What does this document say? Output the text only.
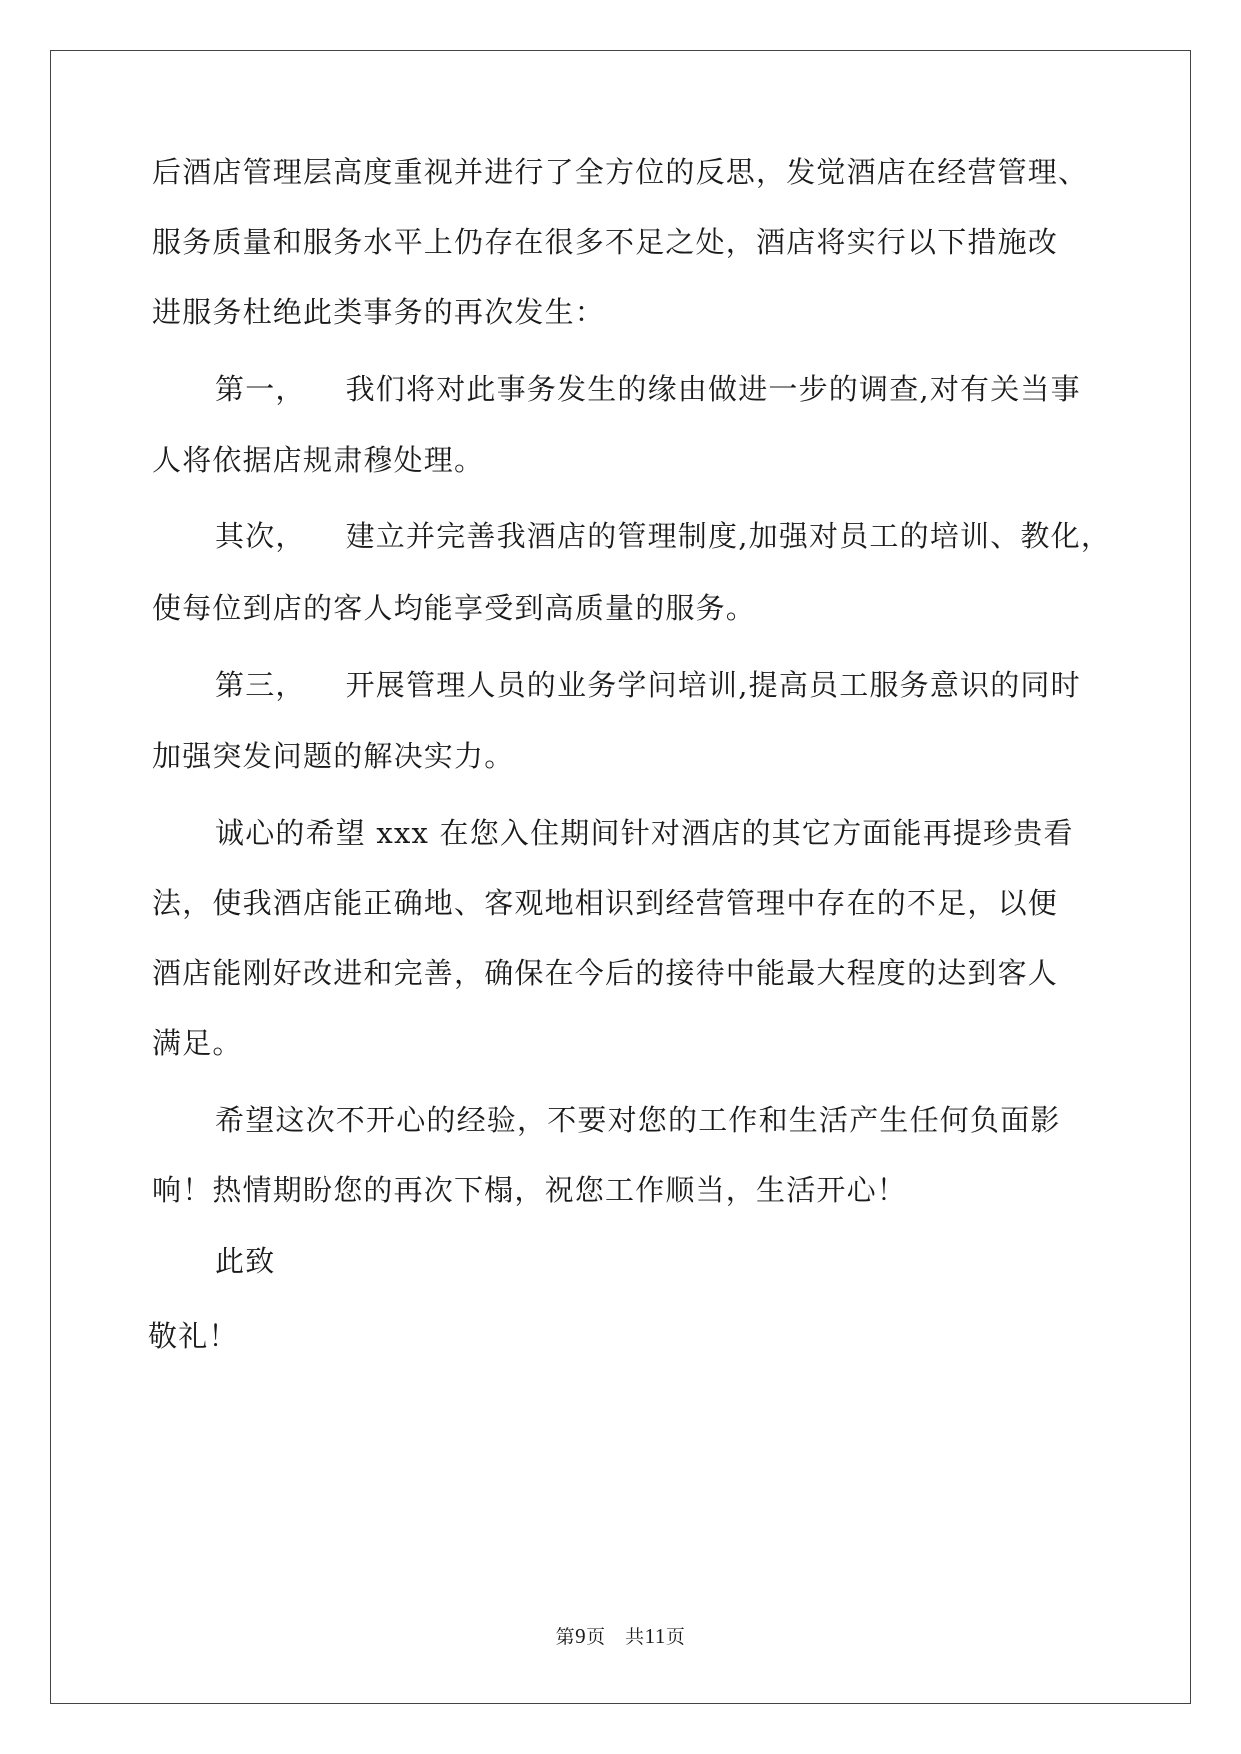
后酒店管理层高度重视并进行了全方位的反思，发觉酒店在经营管理、
服务质量和服务水平上仍存在很多不足之处，酒店将实行以下措施改
进服务杜绝此类事务的再次发生：
第一， 我们将对此事务发生的缘由做进一步的调查,对有关当事
人将依据店规肃穆处理。
其次， 建立并完善我酒店的管理制度,加强对员工的培训、教化，
使每位到店的客人均能享受到高质量的服务。
第三， 开展管理人员的业务学问培训,提高员工服务意识的同时
加强突发问题的解决实力。
诚心的希望 xxx 在您入住期间针对酒店的其它方面能再提珍贵看
法，使我酒店能正确地、客观地相识到经营管理中存在的不足，以便
酒店能刚好改进和完善，确保在今后的接待中能最大程度的达到客人
满足。
希望这次不开心的经验，不要对您的工作和生活产生任何负面影
响！热情期盼您的再次下榻，祝您工作顺当，生活开心！
此致
敬礼！
第9页　共11页
